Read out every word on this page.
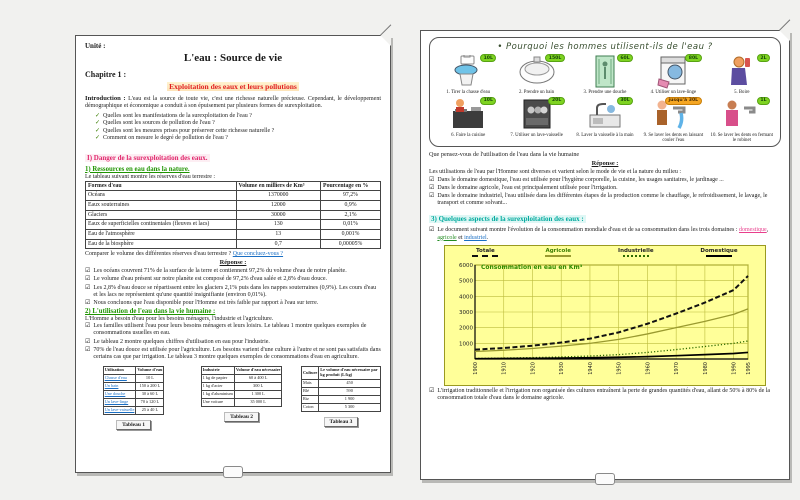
Unité :
L'eau : Source de vie
Chapitre 1 :
Exploitation des eaux et leurs pollutions
Introduction : L'eau est la source de toute vie, c'est une richesse naturelle précieuse. Cependant, le développement démographique et économique a conduit à son épuisement par plusieurs formes de surexploitation.
✓ Quelles sont les manifestations de la surexploitation de l'eau ?
✓ Quelles sont les sources de pollution de l'eau ?
✓ Quelles sont les mesures prises pour préserver cette richesse naturelle ?
✓ Comment on mesure le degré de pollution de l'eau ?
I) Danger de la surexploitation des eaux.
1) Ressources en eau dans la nature.
Le tableau suivant montre les réserves d'eau terrestre :
Formes d'eau	Volume en milliers de Km³	Pourcentage en %
Océans	1370000	97,2%
Eaux souterraines	12000	0,9%
Glaciers	30000	2,1%
Eaux de superficielles continentales (fleuves et lacs)	130	0,01%
Eau de l'atmosphère	13	0,001%
Eau de la biosphère	0,7	0,00005%
Comparer le volume des différentes réserves d'eau terrestre ? Que concluez-vous ?
Réponse :
☑ Les océans couvrent 71% de la surface de la terre et contiennent 97,2% du volume d'eau de notre planète.
☑ Le volume d'eau présent sur notre planète est composé de 97,2% d'eau salée et 2,8% d'eau douce.
☑ Les 2,8% d'eau douce se répartissent entre les glaciers 2,1% puis dans les nappes souterraines (0,9%). Les cours d'eau et les lacs ne représentent qu'une quantité insignifiante (environ 0,01%).
☑ Nous concluons que l'eau disponible pour l'Homme est très faible par rapport à l'eau sur terre.
2) L'utilisation de l'eau dans la vie humaine :
L'Homme a besoin d'eau pour les besoins ménagers, l'industrie et l'agriculture.
☑ Les familles utilisent l'eau pour leurs besoins ménagers et leurs loisirs. Le tableau 1 montre quelques exemples de consommations usuelles en eau.
☑ Le tableau 2 montre quelques chiffres d'utilisation en eau pour l'industrie.
☑ 70% de l'eau douce est utilisée pour l'agriculture. Les besoins varient d'une culture à l'autre et ne sont pas satisfaits dans certains cas que par irrigation. Le tableau 3 montre quelques exemples de consommations d'eau en agriculture.
Utilisation	Volume d'eau
Chasse d'eau	10 L
Un bain	150 à 200 L
Une douche	30 à 60 L
Un lave-linge	70 à 120 L
Un lave-vaisselle	25 à 40 L
Tableau 1
Industrie	Volume d'eau nécessaire
1 kg de papier	60 à 400 L
1 kg d'acier	300 L
1 kg d'aluminium	1 300 L
Une voiture	35 000 L
Tableau 2
Culture	Le volume d'eau nécessaire par kg produit (L/kg)
Maïs	450
Blé	590
Riz	1 900
Coton	5 300
Tableau 3
• Pourquoi les hommes utilisent-ils de l'eau ?
10L
1. Tirer la chasse d'eau
150L
2. Prendre un bain
60L
3. Prendre une douche
80L
4. Utiliser un lave-linge
2L
5. Boire
10L
6. Faire la cuisine
20L
7. Utiliser un lave-vaisselle
30L
8. Laver la vaisselle à la main
jusqu'à 30L
9. Se laver les dents en laissant couler l'eau
1L
10. Se laver les dents en fermant le robinet
Que pensez-vous de l'utilisation de l'eau dans la vie humaine
Réponse :
Les utilisations de l'eau par l'Homme sont diverses et varient selon le mode de vie et la nature du milieu :
☑ Dans le domaine domestique, l'eau est utilisée pour l'hygiène corporelle, la cuisine, les usages sanitaires, le jardinage ...
☑ Dans le domaine agricole, l'eau est principalement utilisée pour l'irrigation.
☑ Dans le domaine industriel, l'eau utilisée dans les différentes étapes de la production comme le chauffage, le refroidissement, le lavage, le transport et comme solvant...
3) Quelques aspects de la surexploitation des eaux :
☑ Le document suivant montre l'évolution de la consommation mondiale d'eau et de sa consommation dans les trois domaines : domestique, agricole et industriel.
Totale	Agricole	Industrielle	Domestique
Consommation en eau en Km³
1000
2000
3000
4000
5000
6000
1900	1910	1920	1930	1940	1950	1960	1970	1980	1990 1995
☑ L'irrigation traditionnelle et l'irrigation non organisée des cultures entraînent la perte de grandes quantités d'eau, allant de 50% à 80% de la consommation totale d'eau dans le domaine agricole.
